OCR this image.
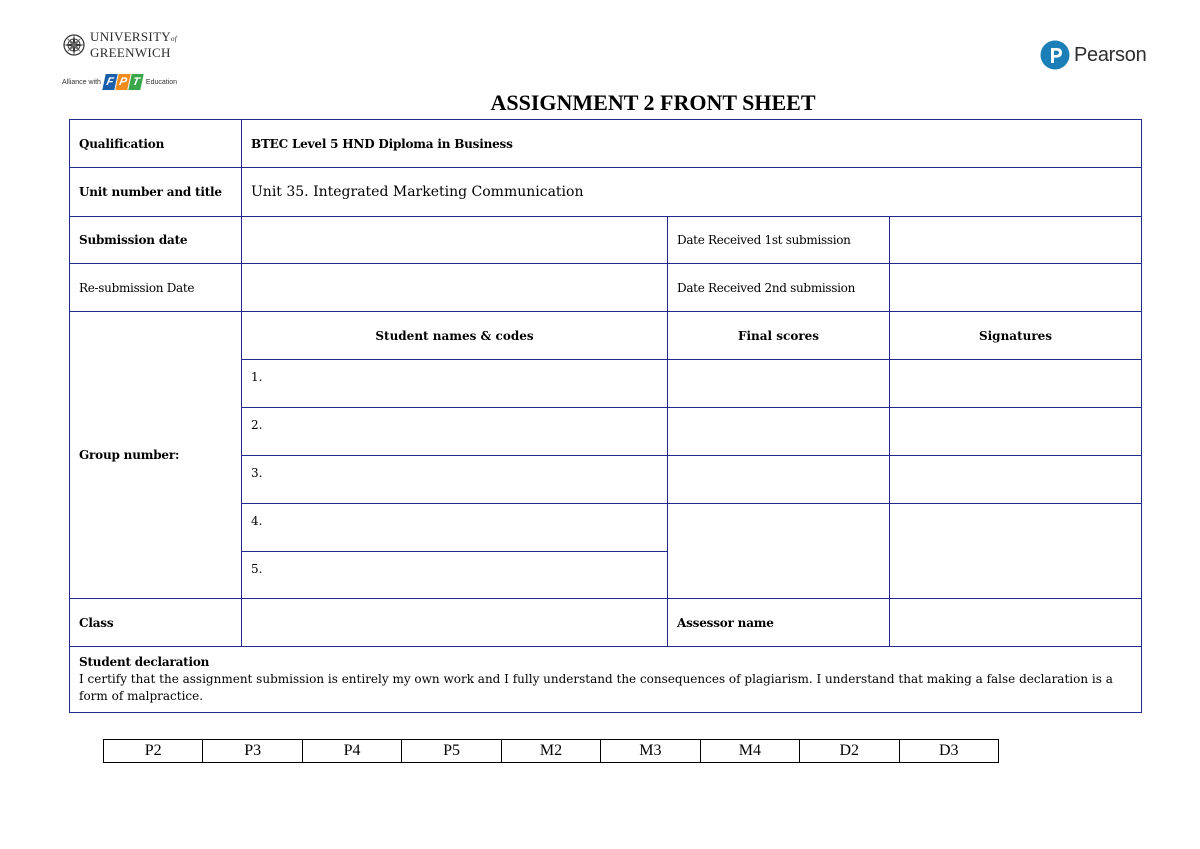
UNIVERSITYof
GREENWICH
Alliance with F P T Education
Pearson
ASSIGNMENT 2 FRONT SHEET
Qualification	BTEC Level 5 HND Diploma in Business		
Unit number and title	Unit 35. Integrated Marketing Communication		
Submission date		Date Received 1st submission	
Re-submission Date		Date Received 2nd submission	
Group number:	Student names & codes	Final scores	Signatures
	1.		
	2.		
	3.		
	4.		
	5.		
Class		Assessor name	

Student declaration
I certify that the assignment submission is entirely my own work and I fully understand the consequences of plagiarism. I understand that making a false declaration is a form of malpractice.			
P2	P3	P4	P5	M2	M3	M4	D2	D3
